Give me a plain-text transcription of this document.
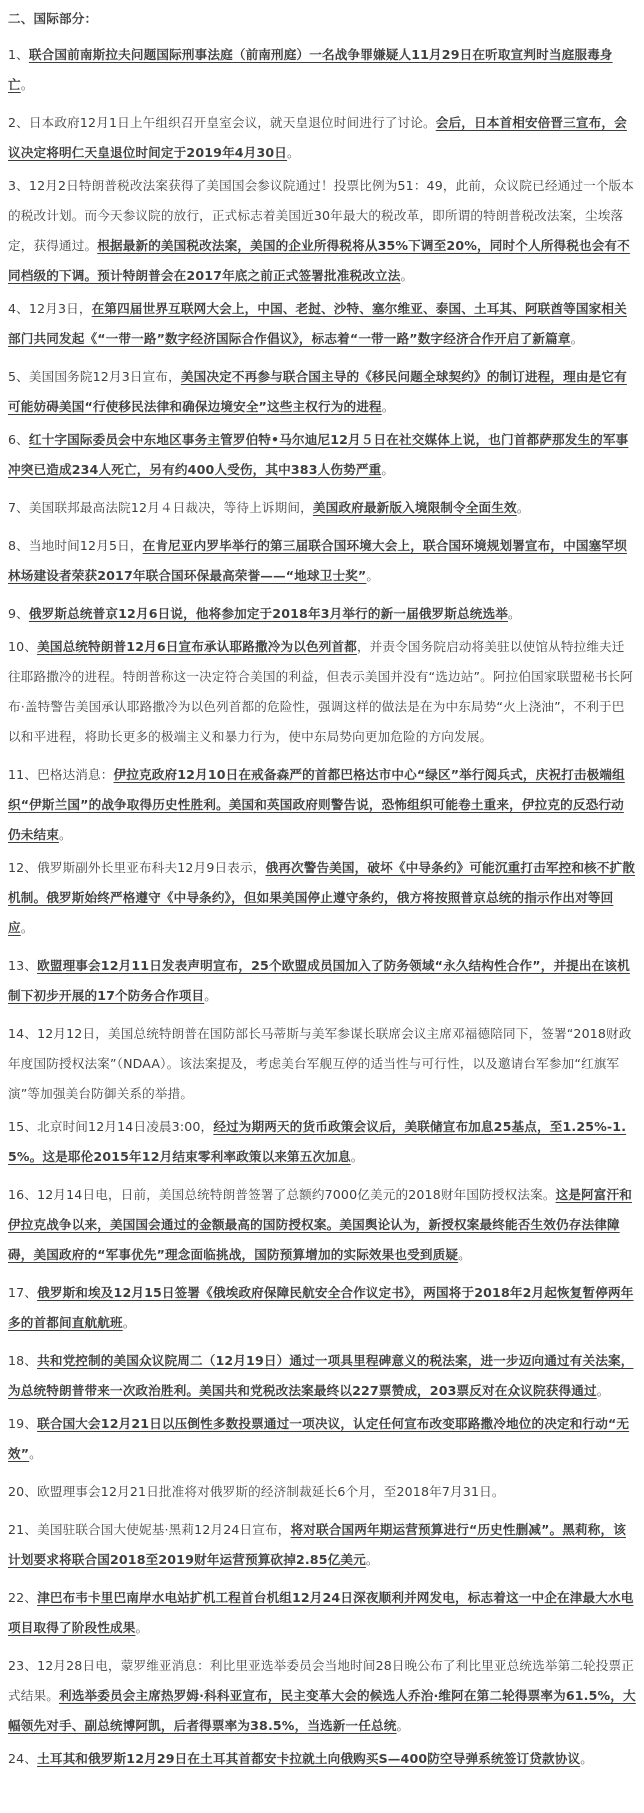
二、国际部分：
1、联合国前南斯拉夫问题国际刑事法庭（前南刑庭）一名战争罪嫌疑人11月29日在听取宣判时当庭服毒身亡。
2、日本政府12月1日上午组织召开皇室会议，就天皇退位时间进行了讨论。会后，日本首相安倍晋三宣布，会议决定将明仁天皇退位时间定于2019年4月30日。
3、12月2日特朗普税改法案获得了美国国会参议院通过！投票比例为51：49，此前，众议院已经通过一个版本的税改计划。而今天参议院的放行，正式标志着美国近30年最大的税改革，即所谓的特朗普税改法案，尘埃落定，获得通过。根据最新的美国税改法案，美国的企业所得税将从35%下调至20%，同时个人所得税也会有不同档级的下调。预计特朗普会在2017年底之前正式签署批准税改立法。
4、12月3日，在第四届世界互联网大会上，中国、老挝、沙特、塞尔维亚、泰国、土耳其、阿联酋等国家相关部门共同发起《“一带一路”数字经济国际合作倡议》，标志着“一带一路”数字经济合作开启了新篇章。
5、美国国务院12月3日宣布，美国决定不再参与联合国主导的《移民问题全球契约》的制订进程，理由是它有可能妨碍美国“行使移民法律和确保边境安全”这些主权行为的进程。
6、红十字国际委员会中东地区事务主管罗伯特•马尔迪尼12月５日在社交媒体上说，也门首都萨那发生的军事冲突已造成234人死亡，另有约400人受伤，其中383人伤势严重。
7、美国联邦最高法院12月４日裁决，等待上诉期间，美国政府最新版入境限制令全面生效。
8、当地时间12月5日，在肯尼亚内罗毕举行的第三届联合国环境大会上，联合国环境规划署宣布，中国塞罕坝林场建设者荣获2017年联合国环保最高荣誉——“地球卫士奖”。
9、俄罗斯总统普京12月6日说，他将参加定于2018年3月举行的新一届俄罗斯总统选举。
10、美国总统特朗普12月6日宣布承认耶路撒冷为以色列首都，并责令国务院启动将美驻以使馆从特拉维夫迁往耶路撒冷的进程。特朗普称这一决定符合美国的利益，但表示美国并没有“选边站”。阿拉伯国家联盟秘书长阿布·盖特警告美国承认耶路撒冷为以色列首都的危险性，强调这样的做法是在为中东局势“火上浇油”，不利于巴以和平进程，将助长更多的极端主义和暴力行为，使中东局势向更加危险的方向发展。
11、巴格达消息：伊拉克政府12月10日在戒备森严的首都巴格达市中心“绿区”举行阅兵式，庆祝打击极端组织“伊斯兰国”的战争取得历史性胜利。美国和英国政府则警告说，恐怖组织可能卷土重来，伊拉克的反恐行动仍未结束。
12、俄罗斯副外长里亚布科夫12月9日表示，俄再次警告美国，破坏《中导条约》可能沉重打击军控和核不扩散机制。俄罗斯始终严格遵守《中导条约》，但如果美国停止遵守条约，俄方将按照普京总统的指示作出对等回应。
13、欧盟理事会12月11日发表声明宣布，25个欧盟成员国加入了防务领域“永久结构性合作”，并提出在该机制下初步开展的17个防务合作项目。
14、12月12日，美国总统特朗普在国防部长马蒂斯与美军参谋长联席会议主席邓福德陪同下，签署“2018财政年度国防授权法案”（NDAA）。该法案提及，考虑美台军舰互停的适当性与可行性，以及邀请台军参加“红旗军演”等加强美台防御关系的举措。
15、北京时间12月14日凌晨3:00，经过为期两天的货币政策会议后，美联储宣布加息25基点，至1.25%-1.5%。这是耶伦2015年12月结束零利率政策以来第五次加息。
16、12月14日电，日前，美国总统特朗普签署了总额约7000亿美元的2018财年国防授权法案。这是阿富汗和伊拉克战争以来，美国国会通过的金额最高的国防授权案。美国舆论认为，新授权案最终能否生效仍存法律障碍，美国政府的“军事优先”理念面临挑战，国防预算增加的实际效果也受到质疑。
17、俄罗斯和埃及12月15日签署《俄埃政府保障民航安全合作议定书》，两国将于2018年2月起恢复暂停两年多的首都间直航航班。
18、共和党控制的美国众议院周二（12月19日）通过一项具里程碑意义的税法案，进一步迈向通过有关法案，为总统特朗普带来一次政治胜利。美国共和党税改法案最终以227票赞成，203票反对在众议院获得通过。
19、联合国大会12月21日以压倒性多数投票通过一项决议，认定任何宣布改变耶路撒冷地位的决定和行动“无效”。
20、欧盟理事会12月21日批准将对俄罗斯的经济制裁延长6个月，至2018年7月31日。
21、美国驻联合国大使妮基·黑莉12月24日宣布，将对联合国两年期运营预算进行“历史性删减”。黑莉称，该计划要求将联合国2018至2019财年运营预算砍掉2.85亿美元。
22、津巴布韦卡里巴南岸水电站扩机工程首台机组12月24日深夜顺利并网发电，标志着这一中企在津最大水电项目取得了阶段性成果。
23、12月28日电，蒙罗维亚消息：利比里亚选举委员会当地时间28日晚公布了利比里亚总统选举第二轮投票正式结果。利选举委员会主席热罗姆·科科亚宣布，民主变革大会的候选人乔治·维阿在第二轮得票率为61.5%，大幅领先对手、副总统博阿凯，后者得票率为38.5%，当选新一任总统。
24、土耳其和俄罗斯12月29日在土耳其首都安卡拉就土向俄购买S—400防空导弹系统签订贷款协议。
